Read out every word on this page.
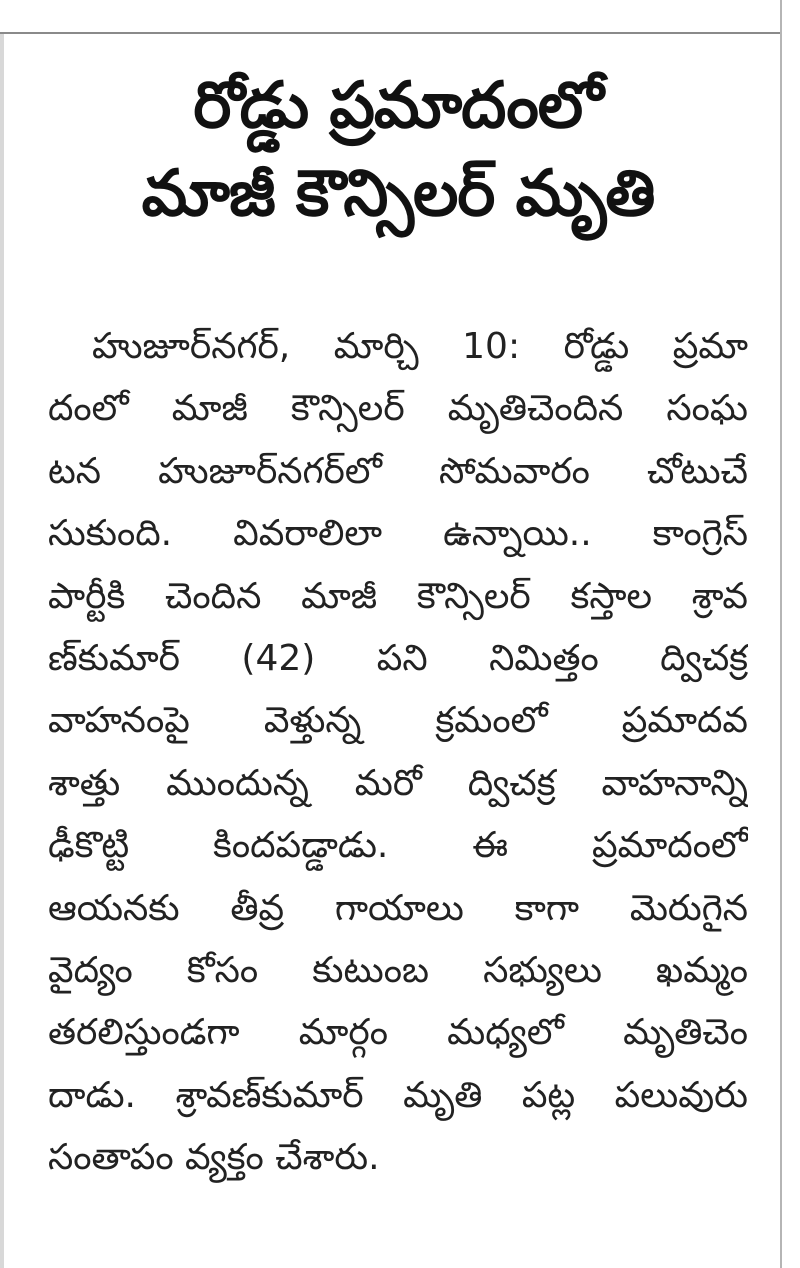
రోడ్డు ప్రమాదంలో
మాజీ కౌన్సిలర్ మృతి
హుజూర్‌నగర్, మార్చి 10: రోడ్డు ప్రమా
దంలో మాజీ కౌన్సిలర్ మృతిచెందిన సంఘ
టన హుజూర్‌నగర్‌లో సోమవారం చోటుచే
సుకుంది. వివరాలిలా ఉన్నాయి.. కాంగ్రెస్
పార్టీకి చెందిన మాజీ కౌన్సిలర్ కస్తాల శ్రావ
ణ్‌కుమార్ (42) పని నిమిత్తం ద్విచక్ర
వాహనంపై వెళ్తున్న క్రమంలో ప్రమాదవ
శాత్తు ముందున్న మరో ద్విచక్ర వాహనాన్ని
ఢీకొట్టి కిందపడ్డాడు. ఈ ప్రమాదంలో
ఆయనకు తీవ్ర గాయాలు కాగా మెరుగైన
వైద్యం కోసం కుటుంబ సభ్యులు ఖమ్మం
తరలిస్తుండగా మార్గం మధ్యలో మృతిచెం
దాడు. శ్రావణ్‌కుమార్ మృతి పట్ల పలువురు
సంతాపం వ్యక్తం చేశారు.
